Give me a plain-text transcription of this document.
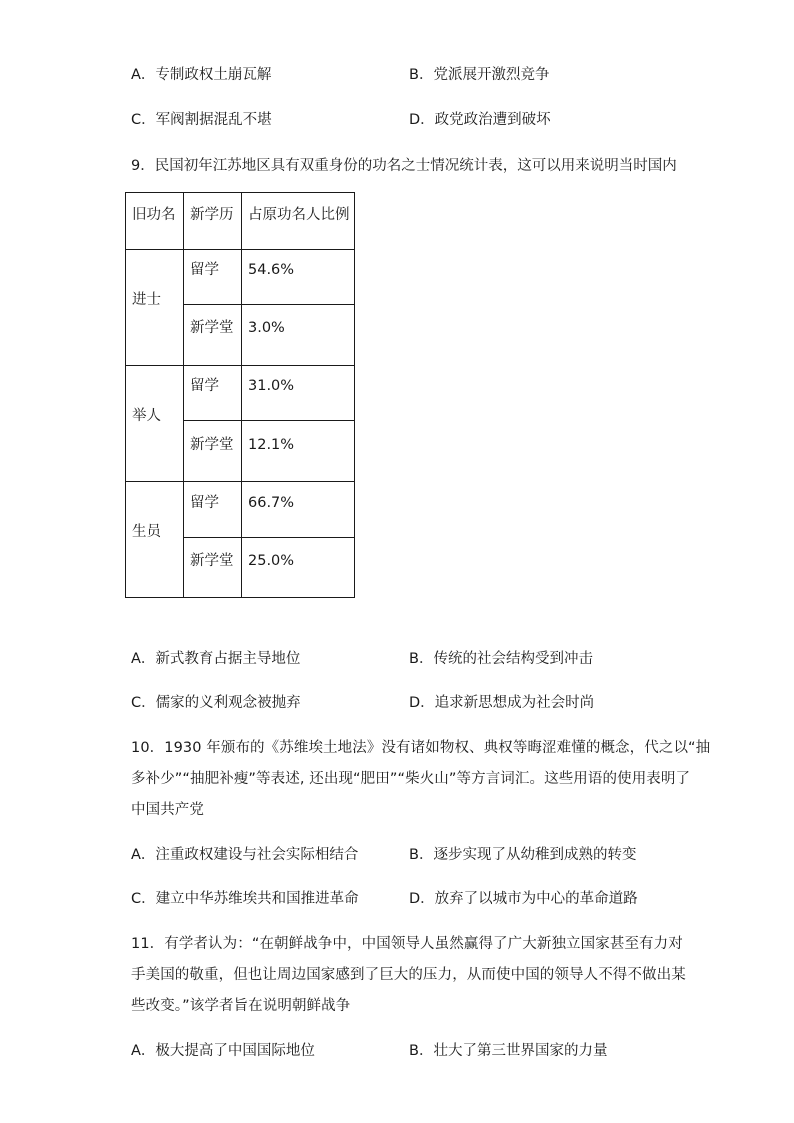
A．专制政权土崩瓦解	B．党派展开激烈竞争
C．军阀割据混乱不堪	D．政党政治遭到破坏
9．民国初年江苏地区具有双重身份的功名之士情况统计表，这可以用来说明当时国内
旧功名 新学历 占原功名人比例
进士
留学 54.6%
新学堂 3.0%
举人
留学 31.0%
新学堂 12.1%
生员
留学 66.7%
新学堂 25.0%
A．新式教育占据主导地位	B．传统的社会结构受到冲击
C．儒家的义利观念被抛弃	D．追求新思想成为社会时尚
10．1930 年颁布的《苏维埃土地法》没有诸如物权、典权等晦涩难懂的概念，代之以“抽
多补少”“抽肥补瘦”等表述, 还出现“肥田”“柴火山”等方言词汇。这些用语的使用表明了
中国共产党
A．注重政权建设与社会实际相结合	B．逐步实现了从幼稚到成熟的转变
C．建立中华苏维埃共和国推进革命	D．放弃了以城市为中心的革命道路
11．有学者认为：“在朝鲜战争中，中国领导人虽然赢得了广大新独立国家甚至有力对
手美国的敬重，但也让周边国家感到了巨大的压力，从而使中国的领导人不得不做出某
些改变。”该学者旨在说明朝鲜战争
A．极大提高了中国国际地位	B．壮大了第三世界国家的力量
